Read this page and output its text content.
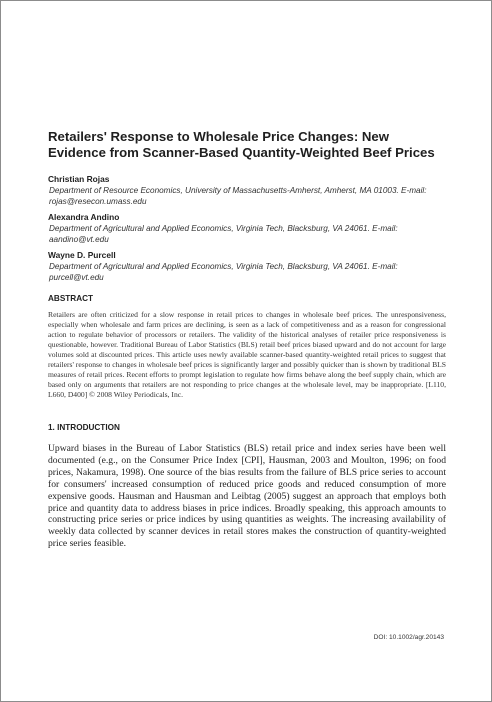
Retailers' Response to Wholesale Price Changes: New Evidence from Scanner-Based Quantity-Weighted Beef Prices
Christian Rojas
Department of Resource Economics, University of Massachusetts-Amherst, Amherst, MA 01003. E-mail: rojas@resecon.umass.edu
Alexandra Andino
Department of Agricultural and Applied Economics, Virginia Tech, Blacksburg, VA 24061. E-mail: aandino@vt.edu
Wayne D. Purcell
Department of Agricultural and Applied Economics, Virginia Tech, Blacksburg, VA 24061. E-mail: purcell@vt.edu
ABSTRACT

Retailers are often criticized for a slow response in retail prices to changes in wholesale beef prices. The unresponsiveness, especially when wholesale and farm prices are declining, is seen as a lack of competitiveness and as a reason for congressional action to regulate behavior of processors or retailers. The validity of the historical analyses of retailer price responsiveness is questionable, however. Traditional Bureau of Labor Statistics (BLS) retail beef prices biased upward and do not account for large volumes sold at discounted prices. This article uses newly available scanner-based quantity-weighted retail prices to suggest that retailers' response to changes in wholesale beef prices is significantly larger and possibly quicker than is shown by traditional BLS measures of retail prices. Recent efforts to prompt legislation to regulate how firms behave along the beef supply chain, which are based only on arguments that retailers are not responding to price changes at the wholesale level, may be inappropriate. [L110, L660, D400] © 2008 Wiley Periodicals, Inc.

1. INTRODUCTION

Upward biases in the Bureau of Labor Statistics (BLS) retail price and index series have been well documented (e.g., on the Consumer Price Index [CPI], Hausman, 2003 and Moulton, 1996; on food prices, Nakamura, 1998). One source of the bias results from the failure of BLS price series to account for consumers' increased consumption of reduced price goods and reduced consumption of more expensive goods. Hausman and Hausman and Leibtag (2005) suggest an approach that employs both price and quantity data to address biases in price indices. Broadly speaking, this approach amounts to constructing price series or price indices by using quantities as weights. The increasing availability of weekly data collected by scanner devices in retail stores makes the construction of quantity-weighted price series feasible.

DOI: 10.1002/agr.20143
